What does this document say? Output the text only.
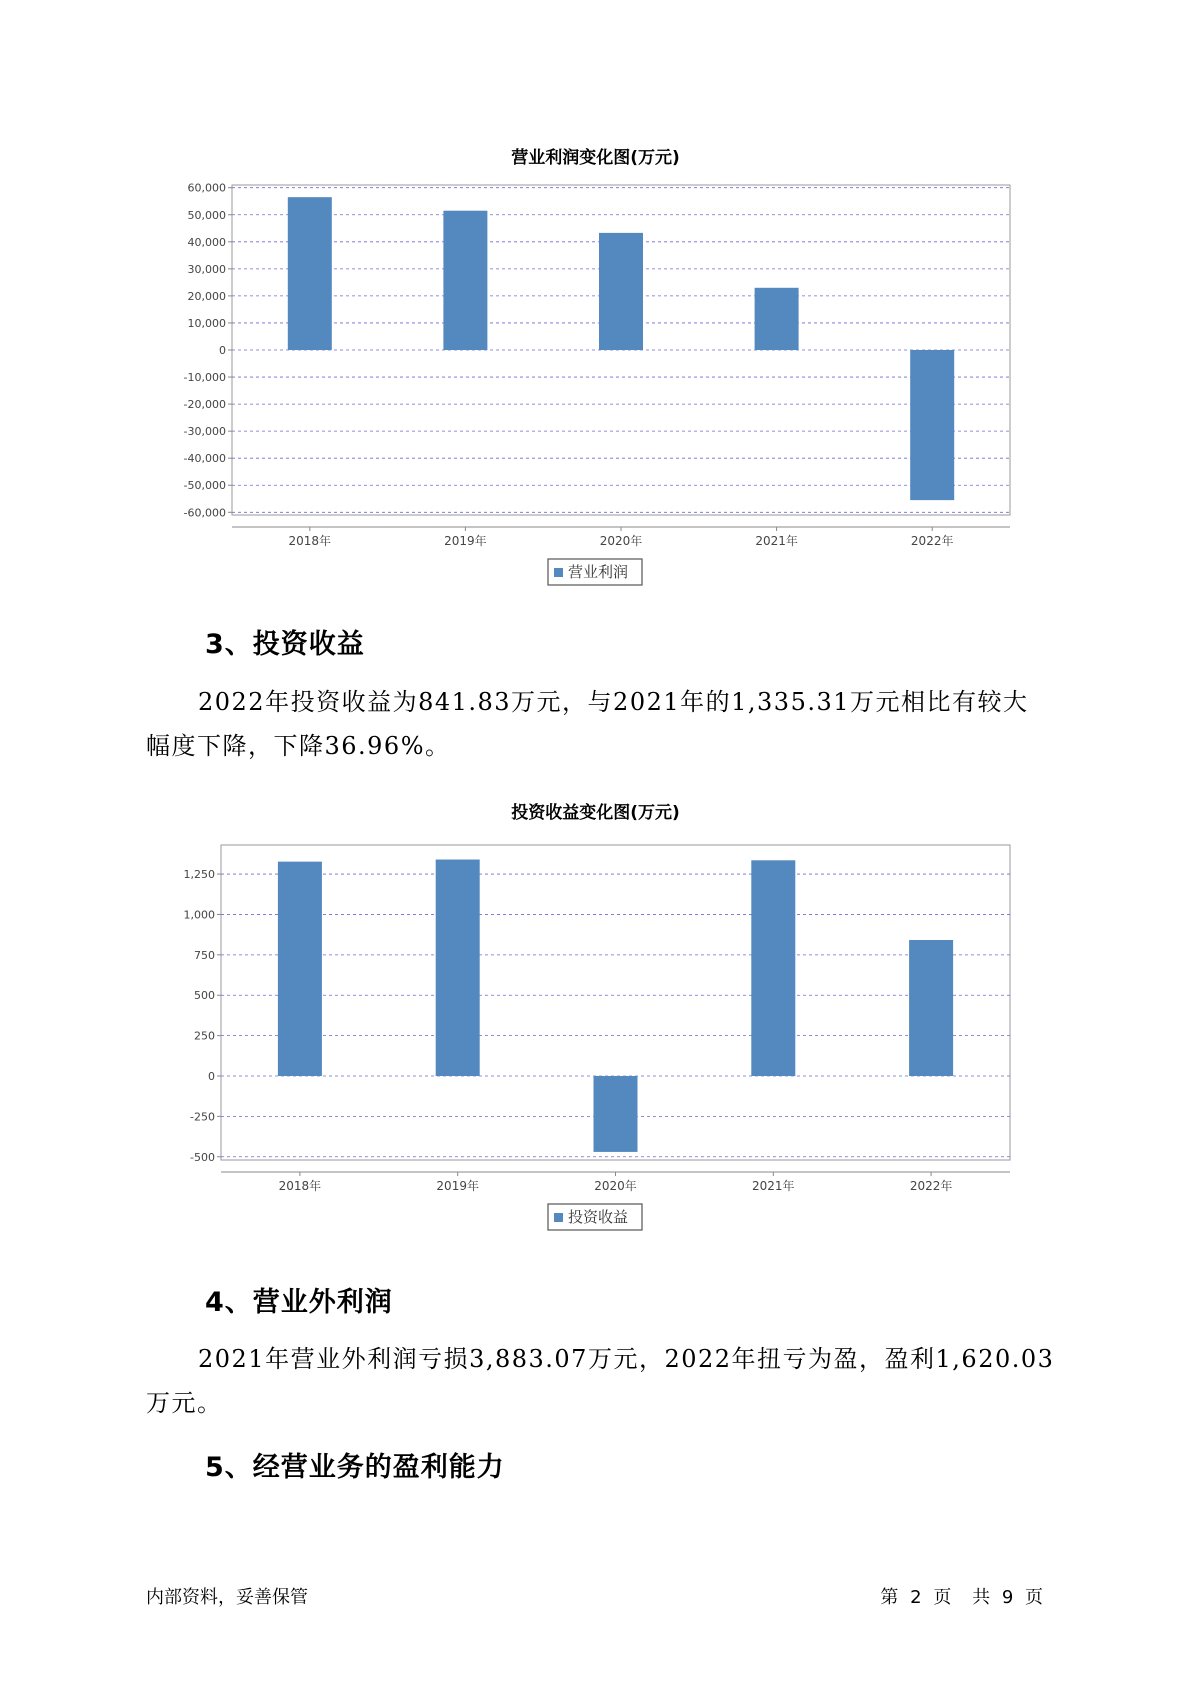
营业利润变化图(万元)
60,000
50,000
40,000
30,000
20,000
10,000
0
-10,000
-20,000
-30,000
-40,000
-50,000
-60,000
2018年	2019年	2020年	2021年	2022年
营业利润
3、投资收益
2022年投资收益为841.83万元，与2021年的1,335.31万元相比有较大
幅度下降，下降36.96%。
投资收益变化图(万元)
1,250
1,000
750
500
250
0
-250
-500
2018年	2019年	2020年	2021年	2022年
投资收益
4、营业外利润
2021年营业外利润亏损3,883.07万元，2022年扭亏为盈，盈利1,620.03
万元。
5、经营业务的盈利能力
内部资料，妥善保管	第 2 页 共 9 页
